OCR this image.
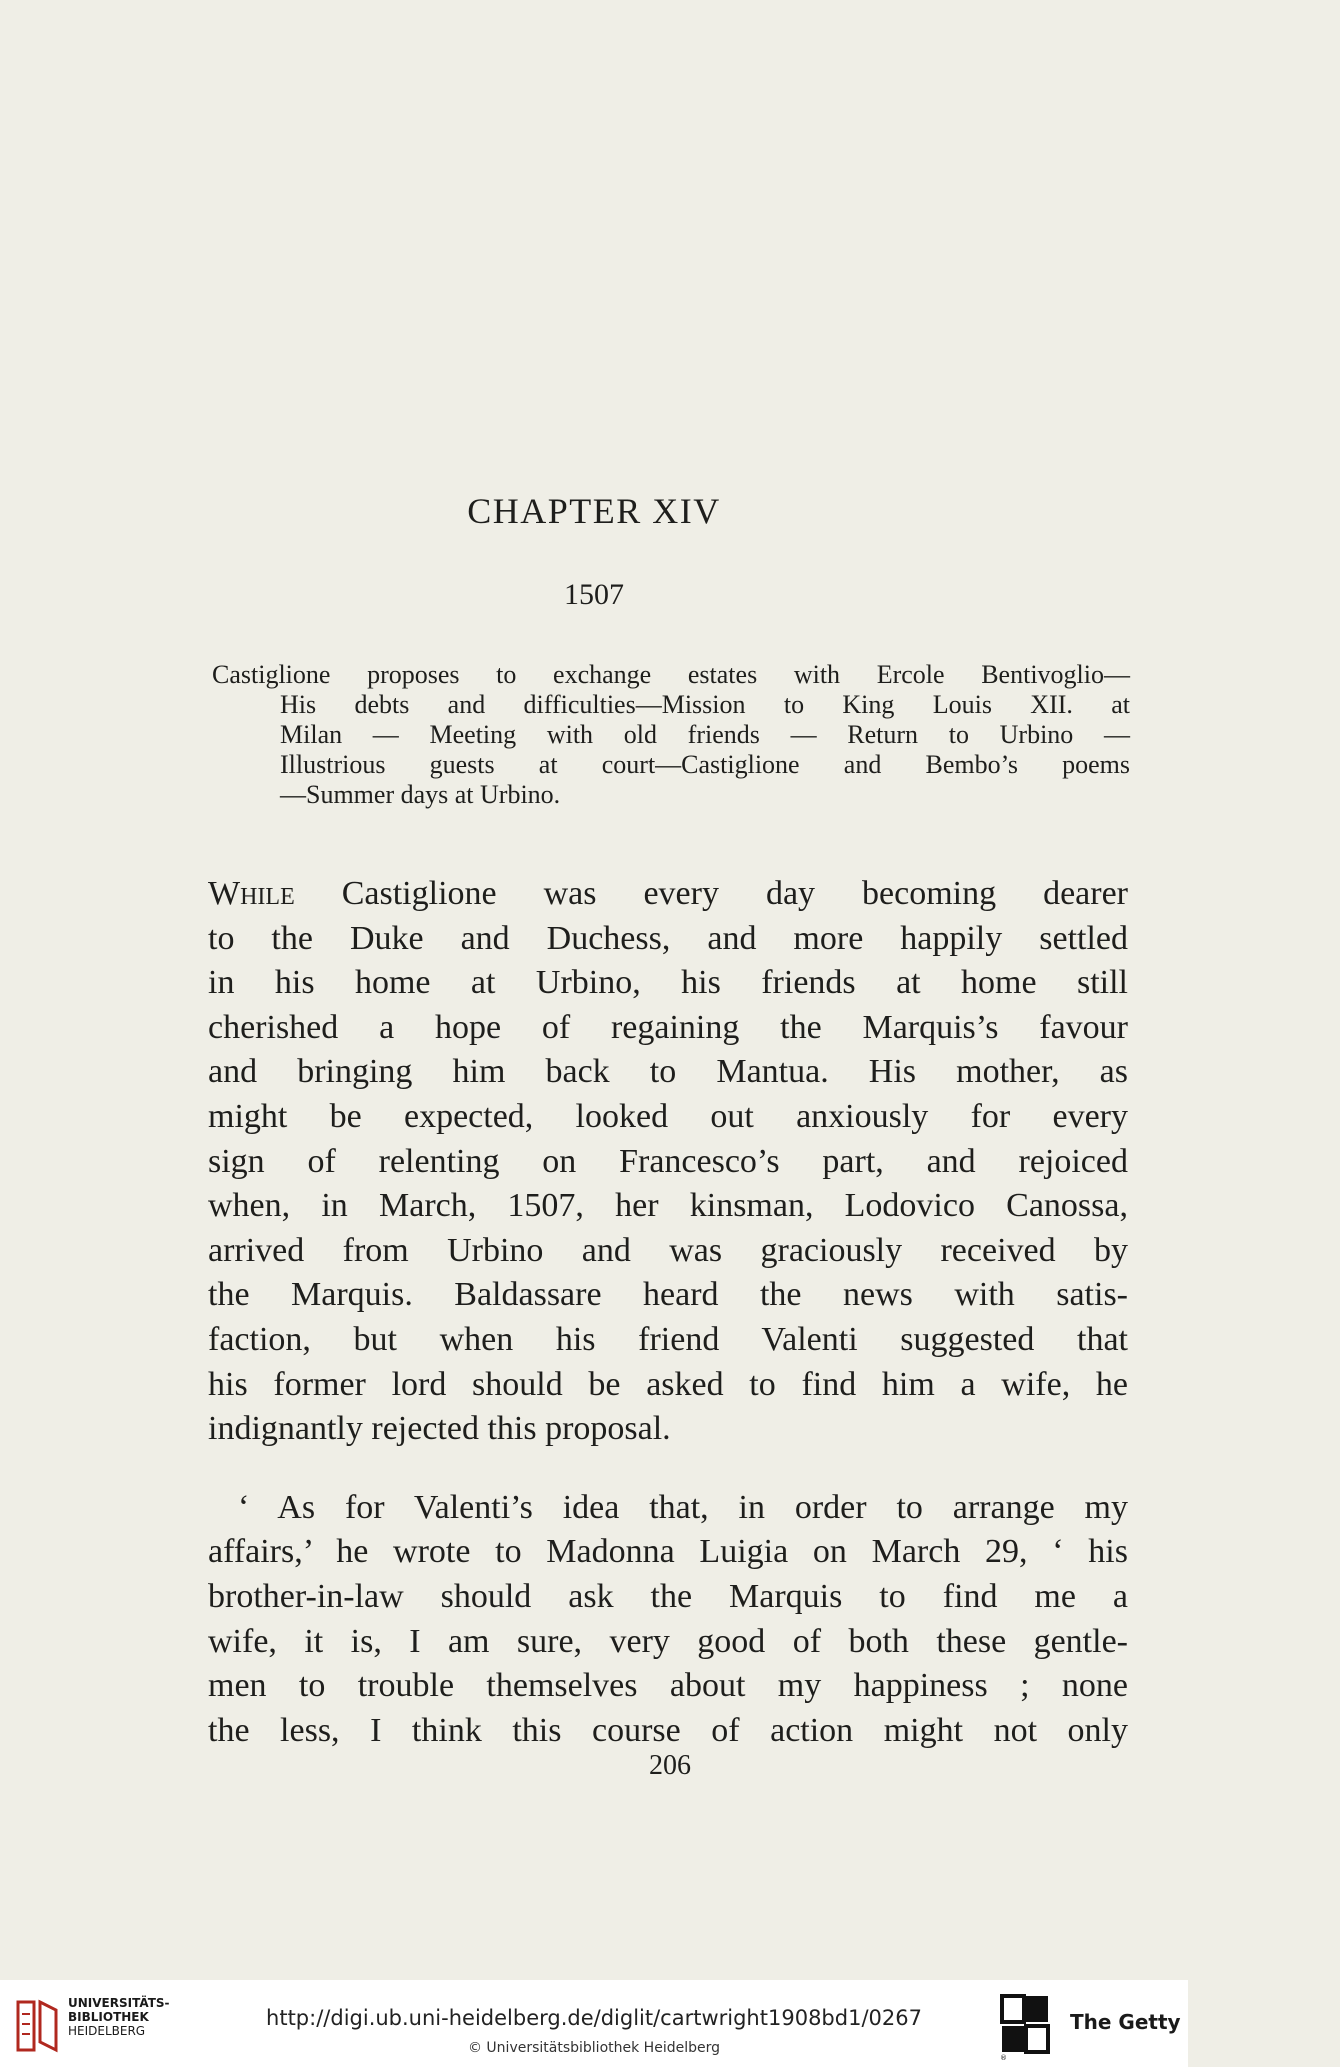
CHAPTER XIV
1507
Castiglione proposes to exchange estates with Ercole Bentivoglio—
His debts and difficulties—Mission to King Louis XII. at
Milan — Meeting with old friends — Return to Urbino —
Illustrious guests at court—Castiglione and Bembo’s poems
—Summer days at Urbino.
While Castiglione was every day becoming dearer
to the Duke and Duchess, and more happily settled
in his home at Urbino, his friends at home still
cherished a hope of regaining the Marquis’s favour
and bringing him back to Mantua. His mother, as
might be expected, looked out anxiously for every
sign of relenting on Francesco’s part, and rejoiced
when, in March, 1507, her kinsman, Lodovico Canossa,
arrived from Urbino and was graciously received by
the Marquis. Baldassare heard the news with satis-
faction, but when his friend Valenti suggested that
his former lord should be asked to find him a wife, he
indignantly rejected this proposal.
‘ As for Valenti’s idea that, in order to arrange my
affairs,’ he wrote to Madonna Luigia on March 29, ‘ his
brother-in-law should ask the Marquis to find me a
wife, it is, I am sure, very good of both these gentle-
men to trouble themselves about my happiness ; none
the less, I think this course of action might not only
206
UNIVERSITÄTS-
BIBLIOTHEK
HEIDELBERG
http://digi.ub.uni-heidelberg.de/diglit/cartwright1908bd1/0267
© Universitätsbibliothek Heidelberg
®
The Getty
